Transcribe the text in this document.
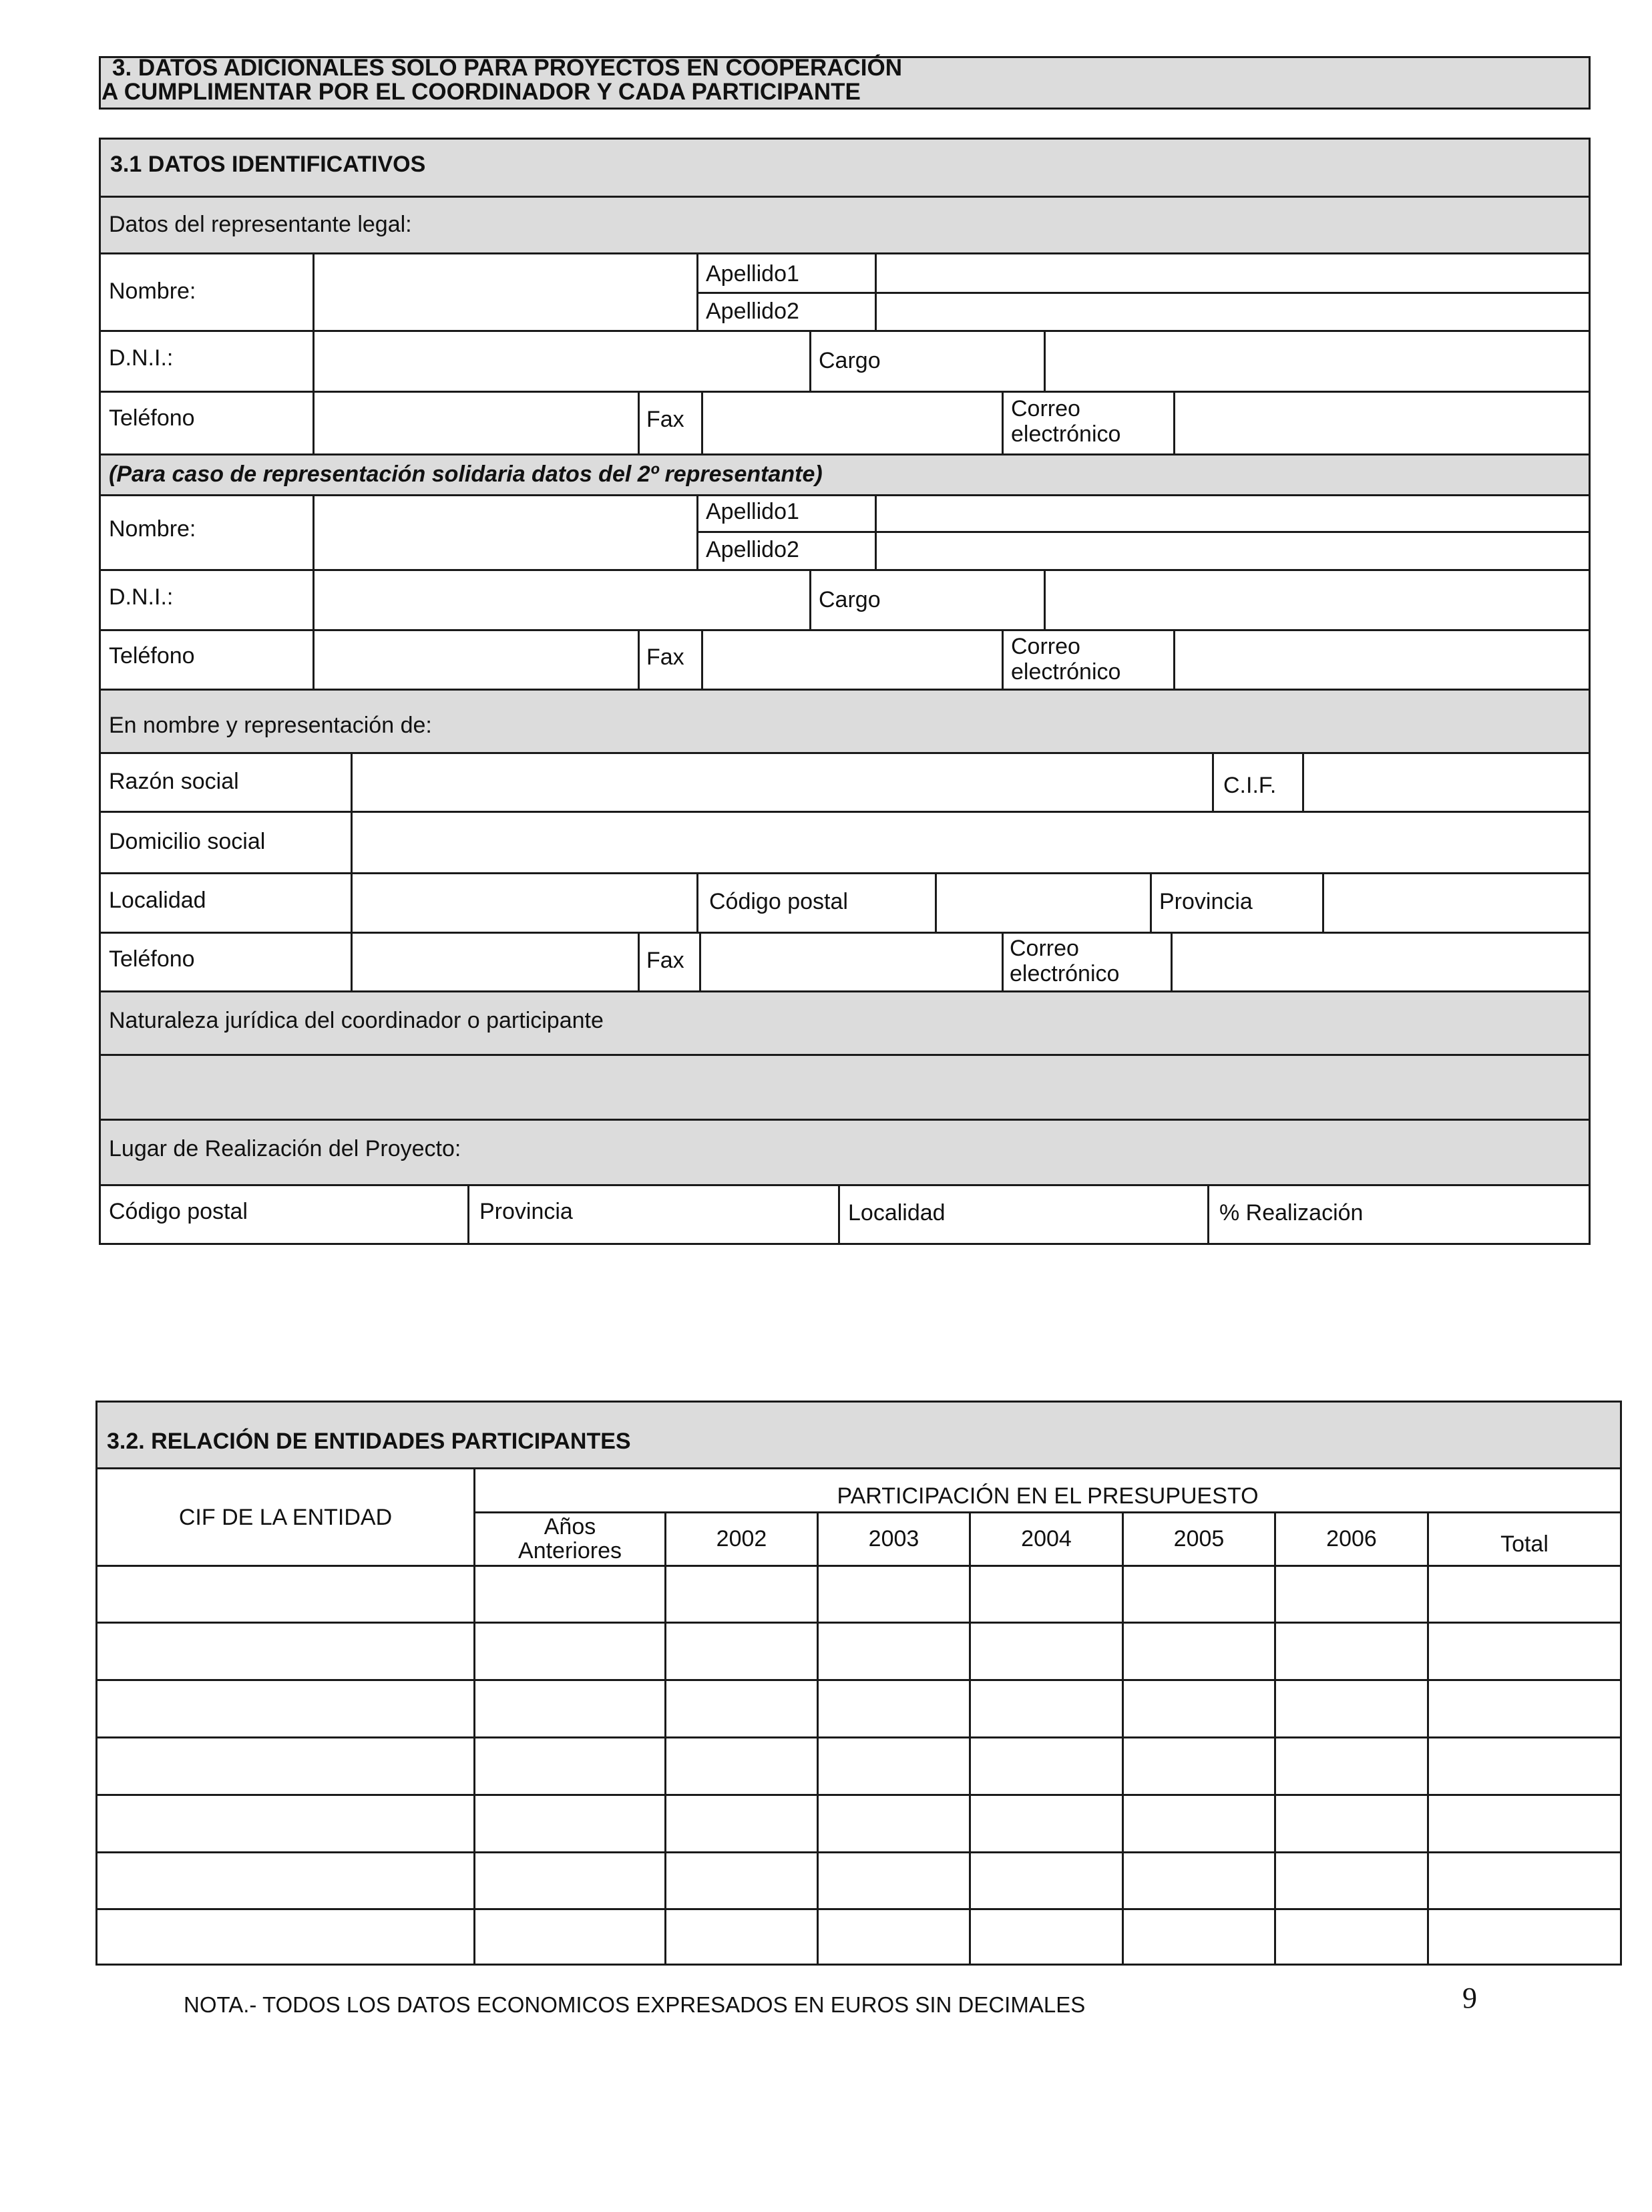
3. DATOS ADICIONALES SOLO PARA PROYECTOS EN COOPERACIÓN
A CUMPLIMENTAR POR EL COORDINADOR Y CADA PARTICIPANTE
3.1 DATOS IDENTIFICATIVOS
Datos del representante legal:
Nombre:
Apellido1
Apellido2
D.N.I.:	Cargo
Teléfono	Fax	Correo
electrónico
(Para caso de representación solidaria datos del 2º representante)
Nombre:
Apellido1
Apellido2
D.N.I.:	Cargo
Teléfono	Fax	Correo
electrónico
En nombre y representación de:
Razón social	C.I.F.
Domicilio social
Localidad	Código postal	Provincia
Teléfono	Fax	Correo
electrónico
Naturaleza jurídica del coordinador o participante
Lugar de Realización del Proyecto:
Código postal	Provincia	Localidad	% Realización
3.2. RELACIÓN DE ENTIDADES PARTICIPANTES
CIF DE LA ENTIDAD
PARTICIPACIÓN EN EL PRESUPUESTO
Años
Anteriores	2002	2003	2004	2005	2006	Total
NOTA.- TODOS LOS DATOS ECONOMICOS EXPRESADOS EN EUROS SIN DECIMALES	9
